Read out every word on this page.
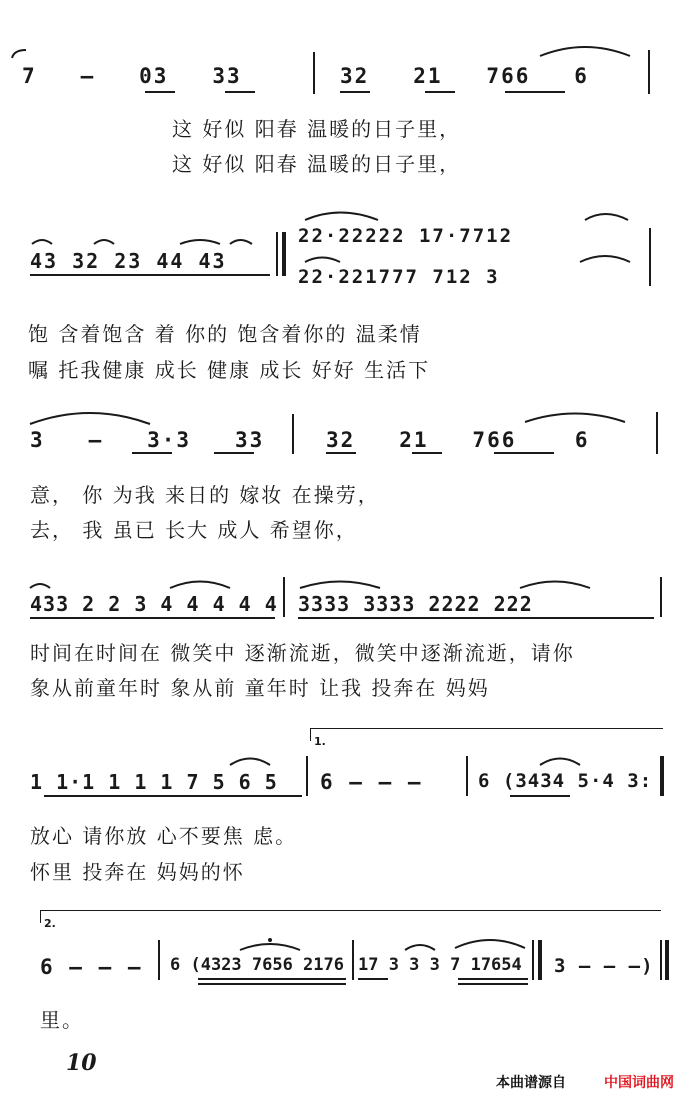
7   —   03   33	32   21   766   6
这 好似 阳春 温暖的日子里，
这 好似 阳春 温暖的日子里，
43 32 23 44 43
22·22222 17·7712
22·221777 712 3
饱 含着饱含 着 你的 饱含着你的 温柔情
嘱 托我健康 成长 健康 成长 好好 生活下
3   —   3·3   33	32   21   766    6
意， 你 为我 来日的 嫁妆 在操劳，
去， 我 虽已 长大 成人 希望你，
433 2 2 3 4 4 4 4 4 3333 3333 2222 222
时间在时间在 微笑中 逐渐流逝，微笑中逐渐流逝，请你
象从前童年时 象从前 童年时 让我 投奔在 妈妈
1.
1 1·1 1 1 1 7 5 6 5 6 — — —	6 (3434 5·4 3:
放心 请你放 心不要焦 虑。
怀里 投奔在 妈妈的怀
2.
6 — — — 6 (4323 7656 2176 17 3 3 3 7 17654 3 — — —)
里。
10
本曲谱源自	中国词曲网
